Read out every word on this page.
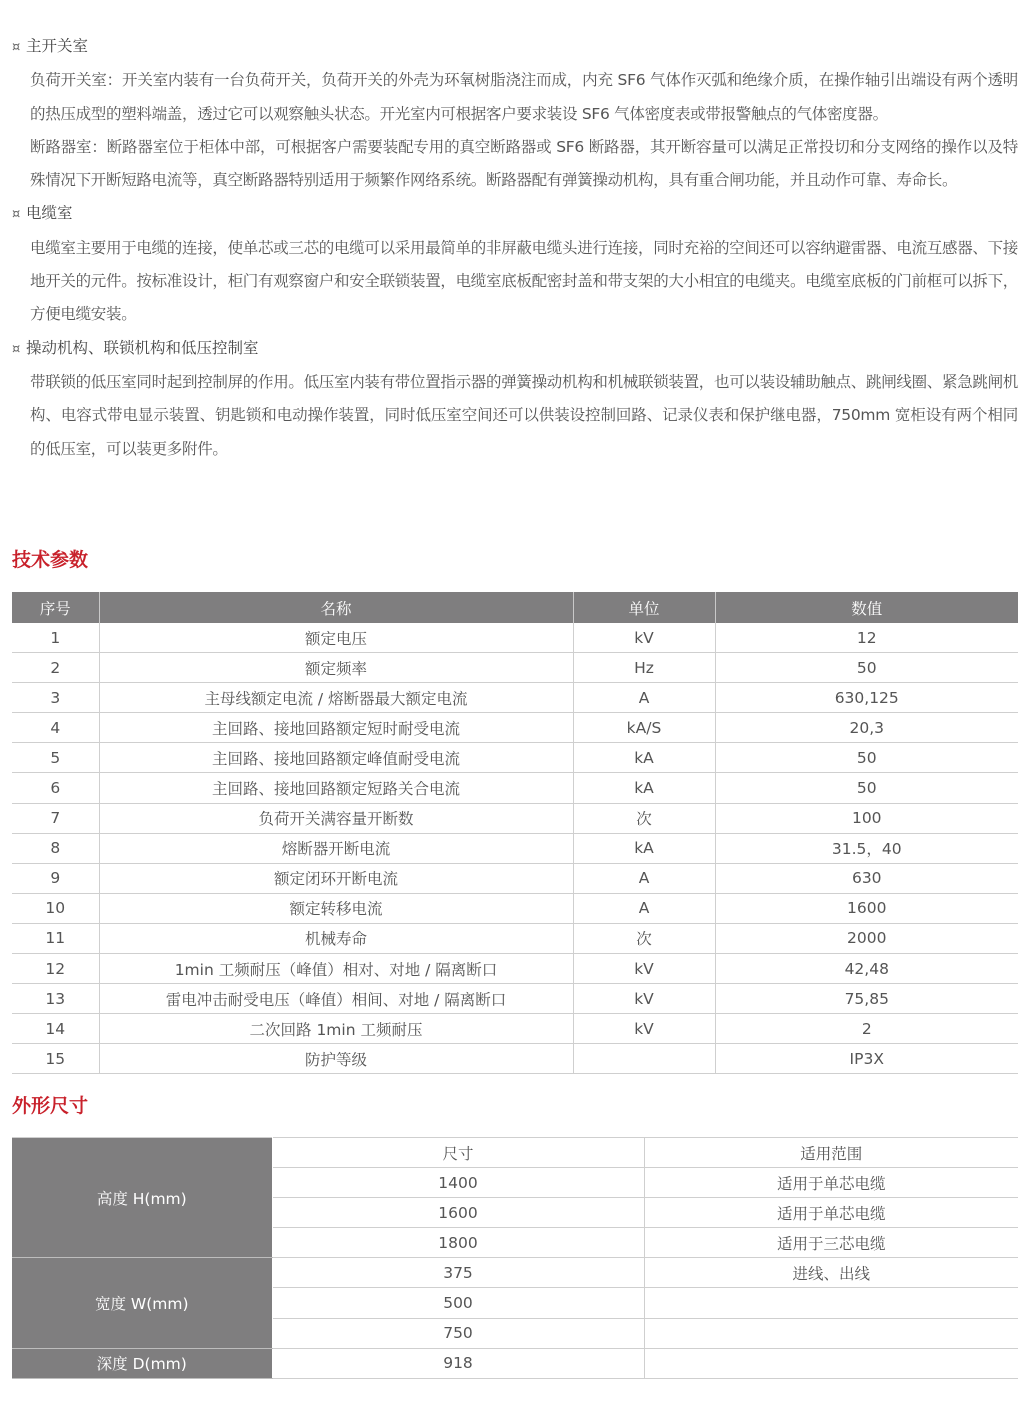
¤ 主开关室
负荷开关室：开关室内装有一台负荷开关，负荷开关的外壳为环氧树脂浇注而成，内充 SF6 气体作灭弧和绝缘介质，在操作轴引出端设有两个透明的热压成型的塑料端盖，透过它可以观察触头状态。开光室内可根据客户要求装设 SF6 气体密度表或带报警触点的气体密度器。
断路器室：断路器室位于柜体中部，可根据客户需要装配专用的真空断路器或 SF6 断路器，其开断容量可以满足正常投切和分支网络的操作以及特殊情况下开断短路电流等，真空断路器特别适用于频繁作网络系统。断路器配有弹簧操动机构，具有重合闸功能，并且动作可靠、寿命长。
¤ 电缆室
电缆室主要用于电缆的连接，使单芯或三芯的电缆可以采用最简单的非屏蔽电缆头进行连接，同时充裕的空间还可以容纳避雷器、电流互感器、下接地开关的元件。按标准设计，柜门有观察窗户和安全联锁装置，电缆室底板配密封盖和带支架的大小相宜的电缆夹。电缆室底板的门前框可以拆下，方便电缆安装。
¤ 操动机构、联锁机构和低压控制室
带联锁的低压室同时起到控制屏的作用。低压室内装有带位置指示器的弹簧操动机构和机械联锁装置，也可以装设辅助触点、跳闸线圈、紧急跳闸机构、电容式带电显示装置、钥匙锁和电动操作装置，同时低压室空间还可以供装设控制回路、记录仪表和保护继电器，750mm 宽柜设有两个相同的低压室，可以装更多附件。
技术参数
序号	名称	单位	数值
1	额定电压	kV	12
2	额定频率	Hz	50
3	主母线额定电流 / 熔断器最大额定电流	A	630,125
4	主回路、接地回路额定短时耐受电流	kA/S	20,3
5	主回路、接地回路额定峰值耐受电流	kA	50
6	主回路、接地回路额定短路关合电流	kA	50
7	负荷开关满容量开断数	次	100
8	熔断器开断电流	kA	31.5，40
9	额定闭环开断电流	A	630
10	额定转移电流	A	1600
11	机械寿命	次	2000
12	1min 工频耐压（峰值）相对、对地 / 隔离断口	kV	42,48
13	雷电冲击耐受电压（峰值）相间、对地 / 隔离断口	kV	75,85
14	二次回路 1min 工频耐压	kV	2
15	防护等级		IP3X
外形尺寸
高度 H(mm)	尺寸	适用范围
	1400	适用于单芯电缆
	1600	适用于单芯电缆
	1800	适用于三芯电缆
宽度 W(mm)	375	进线、出线
	500	
	750	
深度 D(mm)	918	
